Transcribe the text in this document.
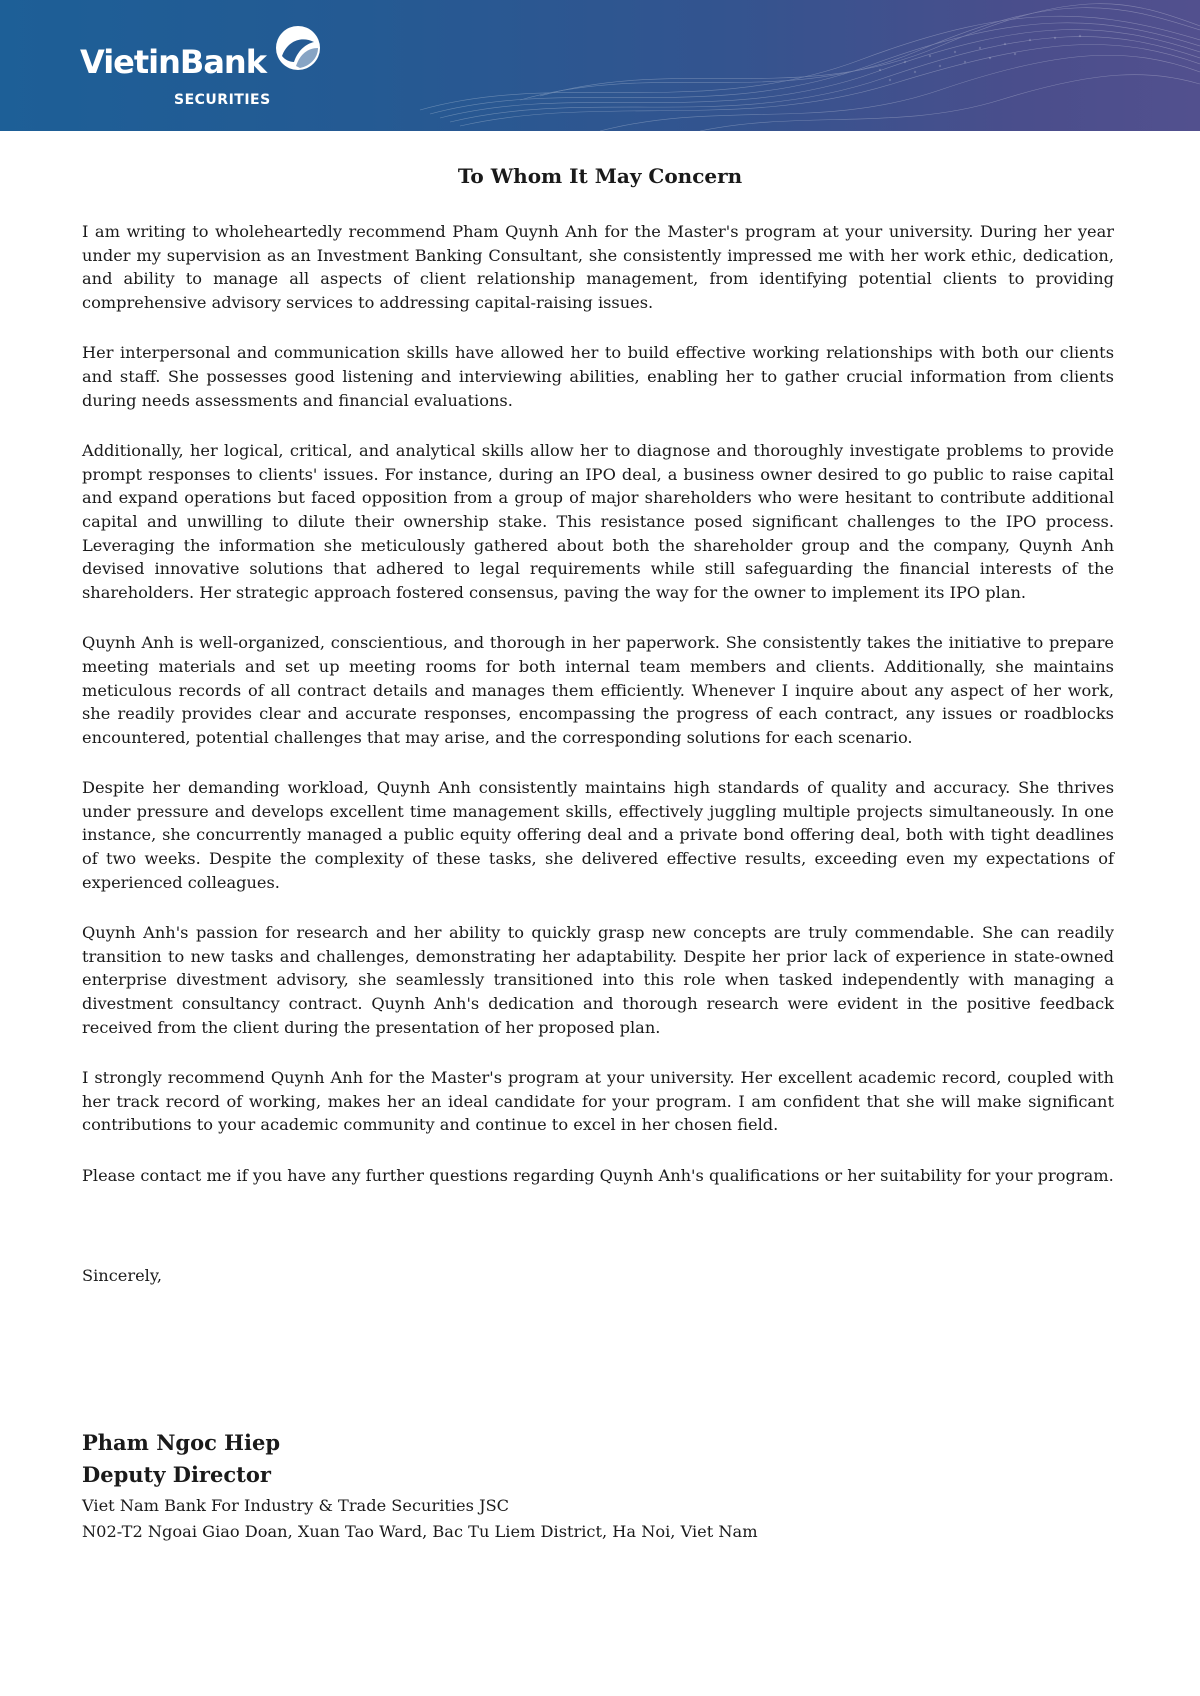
VietinBank
SECURITIES
To Whom It May Concern

I am writing to wholeheartedly recommend Pham Quynh Anh for the Master's program at your university. During her year under my supervision as an Investment Banking Consultant, she consistently impressed me with her work ethic, dedication, and ability to manage all aspects of client relationship management, from identifying potential clients to providing comprehensive advisory services to addressing capital-raising issues.

Her interpersonal and communication skills have allowed her to build effective working relationships with both our clients and staff. She possesses good listening and interviewing abilities, enabling her to gather crucial information from clients during needs assessments and financial evaluations.

Additionally, her logical, critical, and analytical skills allow her to diagnose and thoroughly investigate problems to provide prompt responses to clients' issues. For instance, during an IPO deal, a business owner desired to go public to raise capital and expand operations but faced opposition from a group of major shareholders who were hesitant to contribute additional capital and unwilling to dilute their ownership stake. This resistance posed significant challenges to the IPO process. Leveraging the information she meticulously gathered about both the shareholder group and the company, Quynh Anh devised innovative solutions that adhered to legal requirements while still safeguarding the financial interests of the shareholders. Her strategic approach fostered consensus, paving the way for the owner to implement its IPO plan.

Quynh Anh is well-organized, conscientious, and thorough in her paperwork. She consistently takes the initiative to prepare meeting materials and set up meeting rooms for both internal team members and clients. Additionally, she maintains meticulous records of all contract details and manages them efficiently. Whenever I inquire about any aspect of her work, she readily provides clear and accurate responses, encompassing the progress of each contract, any issues or roadblocks encountered, potential challenges that may arise, and the corresponding solutions for each scenario.

Despite her demanding workload, Quynh Anh consistently maintains high standards of quality and accuracy. She thrives under pressure and develops excellent time management skills, effectively juggling multiple projects simultaneously. In one instance, she concurrently managed a public equity offering deal and a private bond offering deal, both with tight deadlines of two weeks. Despite the complexity of these tasks, she delivered effective results, exceeding even my expectations of experienced colleagues.

Quynh Anh's passion for research and her ability to quickly grasp new concepts are truly commendable. She can readily transition to new tasks and challenges, demonstrating her adaptability. Despite her prior lack of experience in state-owned enterprise divestment advisory, she seamlessly transitioned into this role when tasked independently with managing a divestment consultancy contract. Quynh Anh's dedication and thorough research were evident in the positive feedback received from the client during the presentation of her proposed plan.

I strongly recommend Quynh Anh for the Master's program at your university. Her excellent academic record, coupled with her track record of working, makes her an ideal candidate for your program. I am confident that she will make significant contributions to your academic community and continue to excel in her chosen field.

Please contact me if you have any further questions regarding Quynh Anh's qualifications or her suitability for your program.

Sincerely,
Pham Ngoc Hiep
Deputy Director
Viet Nam Bank For Industry & Trade Securities JSC
N02-T2 Ngoai Giao Doan, Xuan Tao Ward, Bac Tu Liem District, Ha Noi, Viet Nam
